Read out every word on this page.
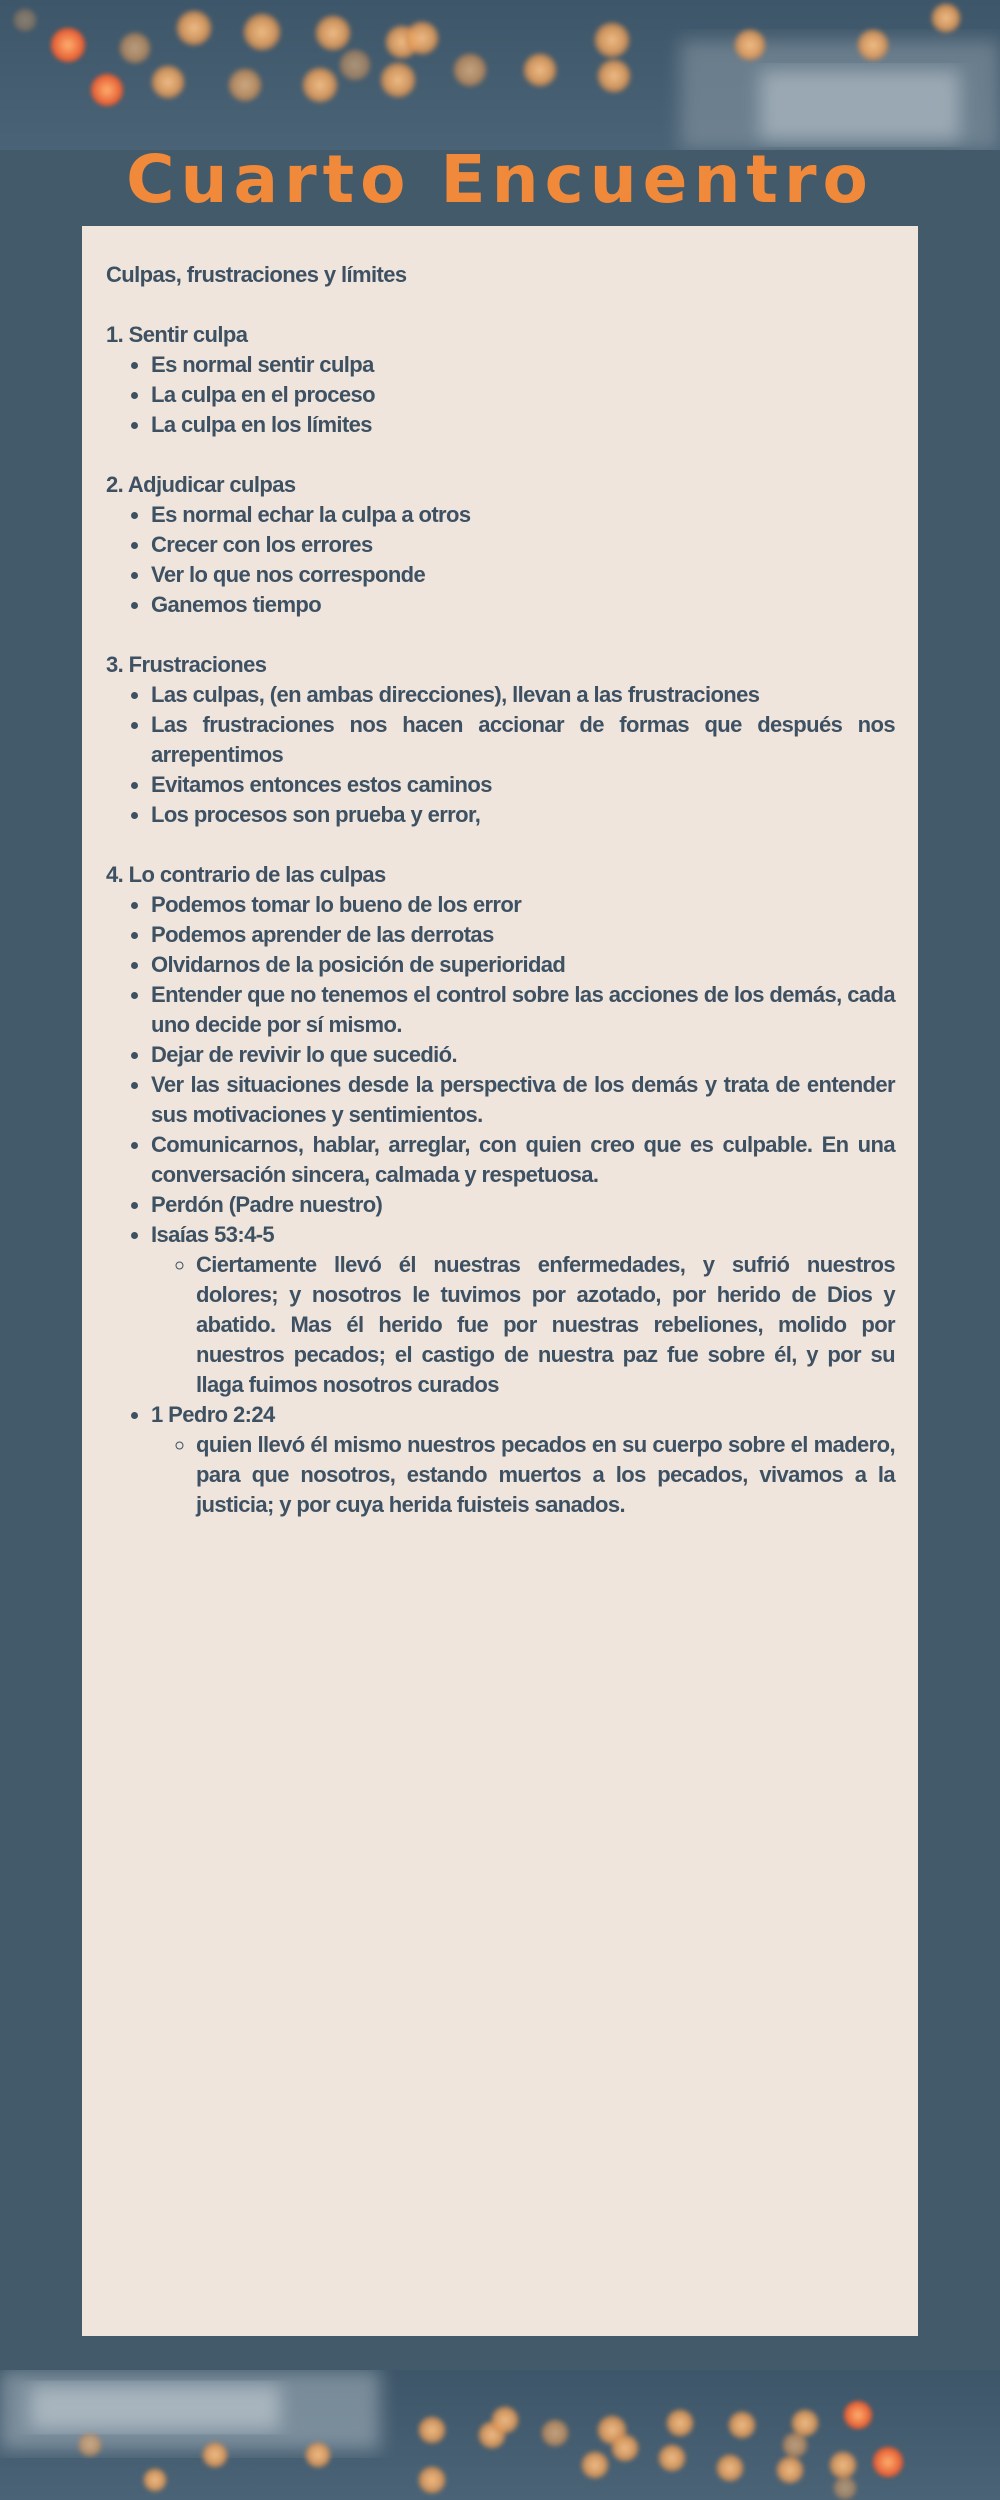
Cuarto Encuentro

Culpas, frustraciones y límites

1. Sentir culpa

• Es normal sentir culpa
• La culpa en el proceso
• La culpa en los límites

2. Adjudicar culpas

• Es normal echar la culpa a otros
• Crecer con los errores
• Ver lo que nos corresponde
• Ganemos tiempo

3. Frustraciones

• Las culpas, (en ambas direcciones), llevan a las frustraciones
• Las frustraciones nos hacen accionar de formas que después nos arrepentimos
• Evitamos entonces estos caminos
• Los procesos son prueba y error,

4. Lo contrario de las culpas

• Podemos tomar lo bueno de los error
• Podemos aprender de las derrotas
• Olvidarnos de la posición de superioridad
• Entender que no tenemos el control sobre las acciones de los demás, cada uno decide por sí mismo.
• Dejar de revivir lo que sucedió.
• Ver las situaciones desde la perspectiva de los demás y trata de entender sus motivaciones y sentimientos.
• Comunicarnos, hablar, arreglar, con quien creo que es culpable. En una conversación sincera, calmada y respetuosa.
• Perdón (Padre nuestro)
• Isaías 53:4-5
◦ Ciertamente llevó él nuestras enfermedades, y sufrió nuestros dolores; y nosotros le tuvimos por azotado, por herido de Dios y abatido. Mas él herido fue por nuestras rebeliones, molido por nuestros pecados; el castigo de nuestra paz fue sobre él, y por su llaga fuimos nosotros curados
• 1 Pedro 2:24
◦ quien llevó él mismo nuestros pecados en su cuerpo sobre el madero, para que nosotros, estando muertos a los pecados, vivamos a la justicia; y por cuya herida fuisteis sanados.
